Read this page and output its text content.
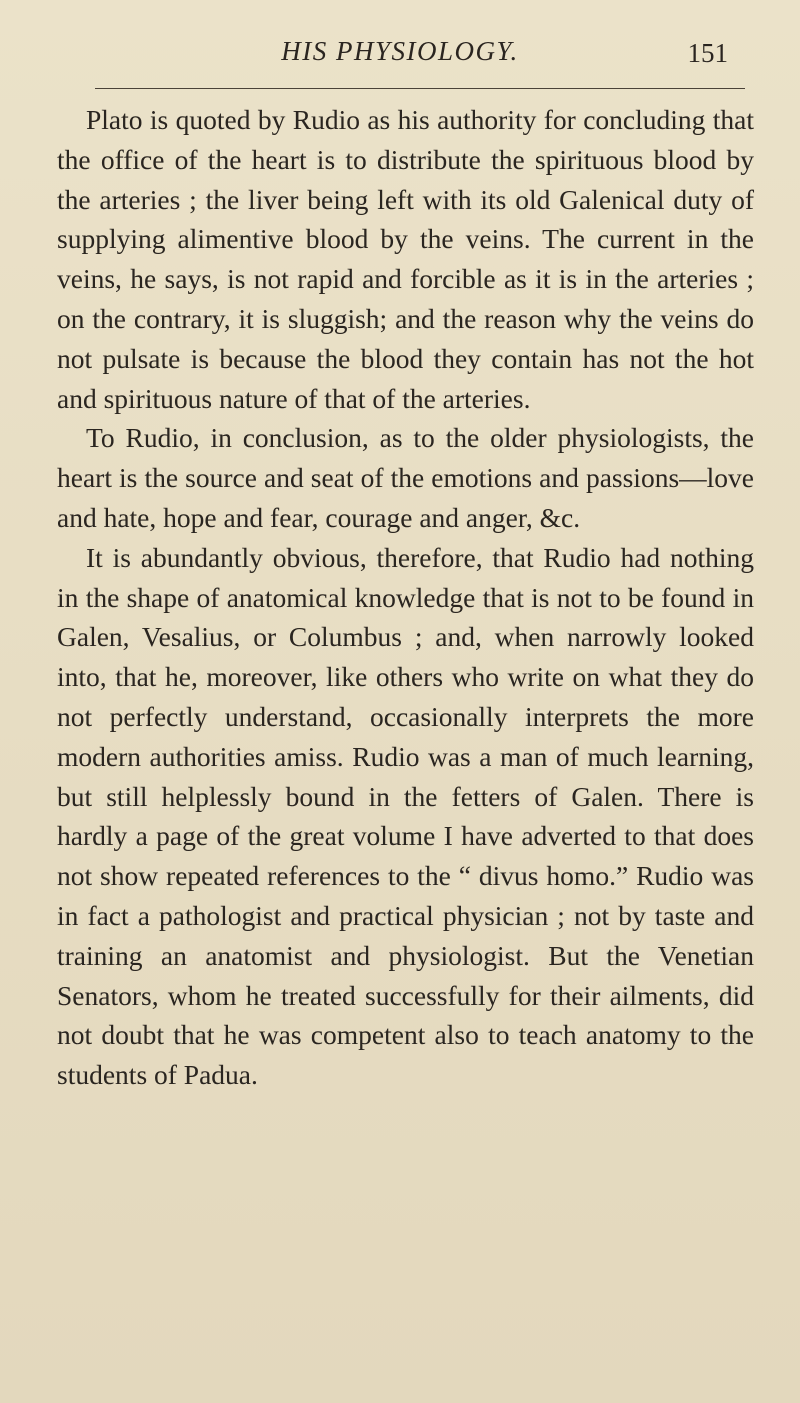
HIS PHYSIOLOGY.	151

Plato is quoted by Rudio as his authority for concluding that the office of the heart is to distribute the spirituous blood by the arteries ; the liver being left with its old Galenical duty of supplying alimentive blood by the veins. The current in the veins, he says, is not rapid and forcible as it is in the arteries ; on the contrary, it is sluggish; and the reason why the veins do not pulsate is because the blood they contain has not the hot and spirituous nature of that of the arteries.

To Rudio, in conclusion, as to the older physiologists, the heart is the source and seat of the emotions and passions—love and hate, hope and fear, courage and anger, &c.

It is abundantly obvious, therefore, that Rudio had nothing in the shape of anatomical knowledge that is not to be found in Galen, Vesalius, or Columbus ; and, when narrowly looked into, that he, moreover, like others who write on what they do not perfectly understand, occasionally interprets the more modern authorities amiss. Rudio was a man of much learning, but still helplessly bound in the fetters of Galen. There is hardly a page of the great volume I have adverted to that does not show repeated references to the “ divus homo.” Rudio was in fact a pathologist and practical physician ; not by taste and training an anatomist and physiologist. But the Venetian Senators, whom he treated successfully for their ailments, did not doubt that he was competent also to teach anatomy to the students of Padua.
